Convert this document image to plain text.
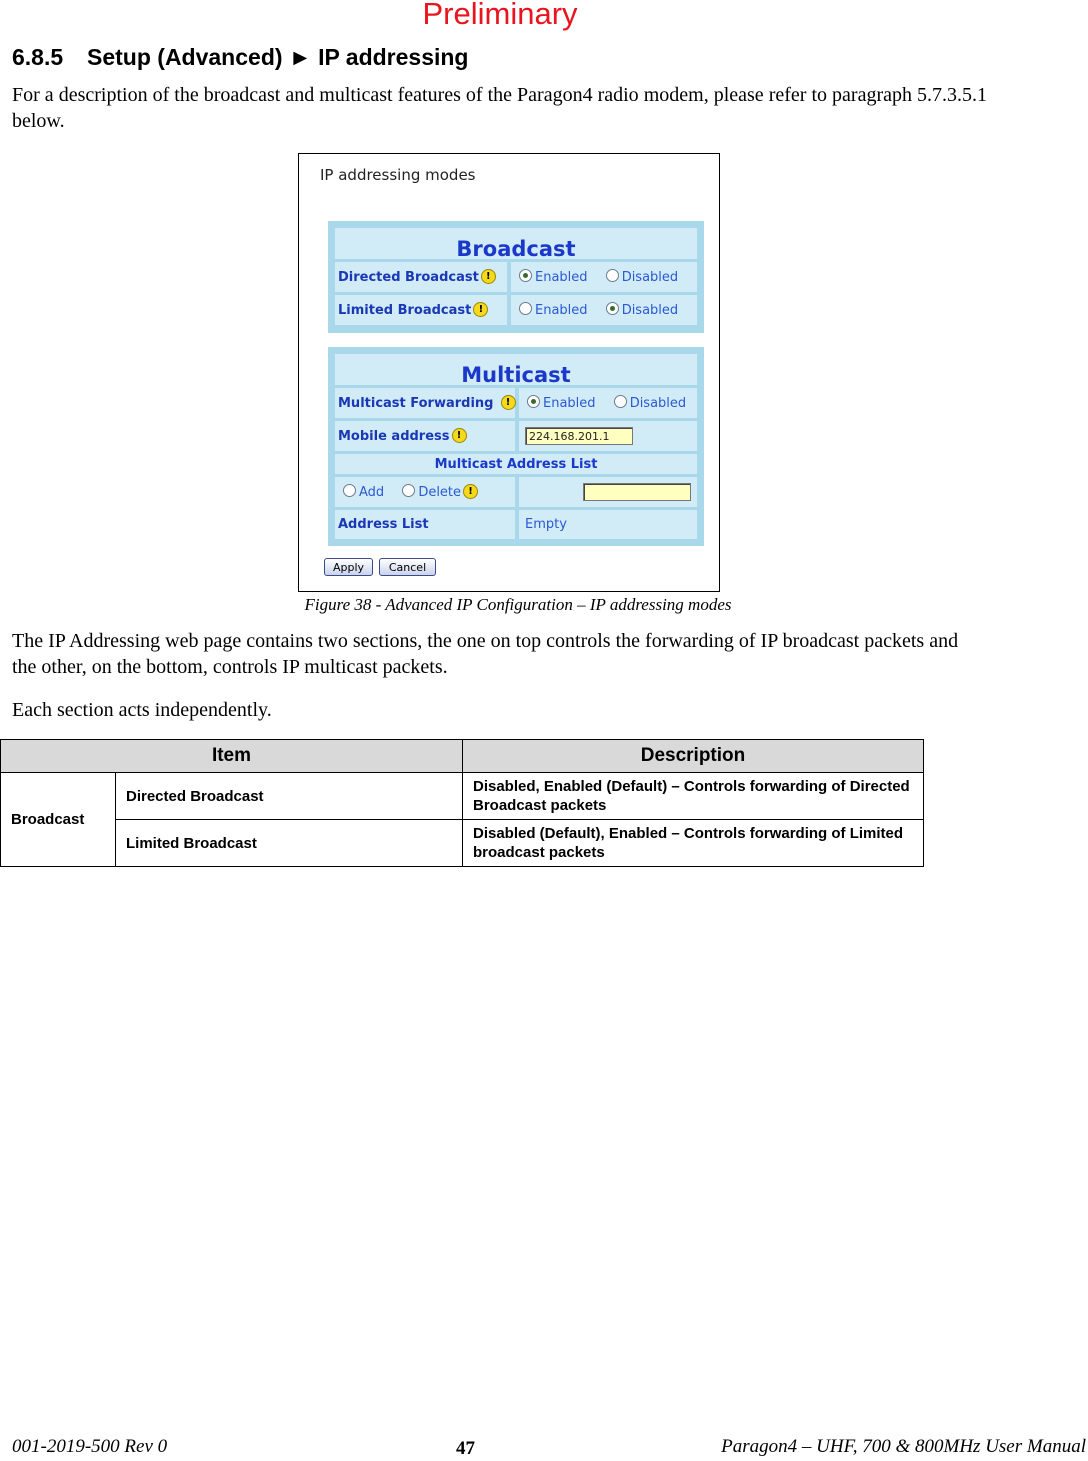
Preliminary
6.8.5 Setup (Advanced) ► IP addressing
For a description of the broadcast and multicast features of the Paragon4 radio modem, please refer to paragraph 5.7.3.5.1 below.
IP addressing modes
Broadcast
Directed Broadcast !	Enabled	Disabled
Limited Broadcast !	Enabled	Disabled
Multicast
Multicast Forwarding !	Enabled	Disabled
Mobile address !	224.168.201.1
Multicast Address List
Add	Delete !
Address List	Empty
Apply	Cancel
Figure 38 - Advanced IP Configuration – IP addressing modes
The IP Addressing web page contains two sections, the one on top controls the forwarding of IP broadcast packets and the other, on the bottom, controls IP multicast packets.
Each section acts independently.
Item		Description
Broadcast	Directed Broadcast	Disabled, Enabled (Default) – Controls forwarding of Directed Broadcast packets
	Limited Broadcast	Disabled (Default), Enabled – Controls forwarding of Limited broadcast packets
001-2019-500 Rev 0	47	Paragon4 – UHF, 700 & 800MHz User Manual
